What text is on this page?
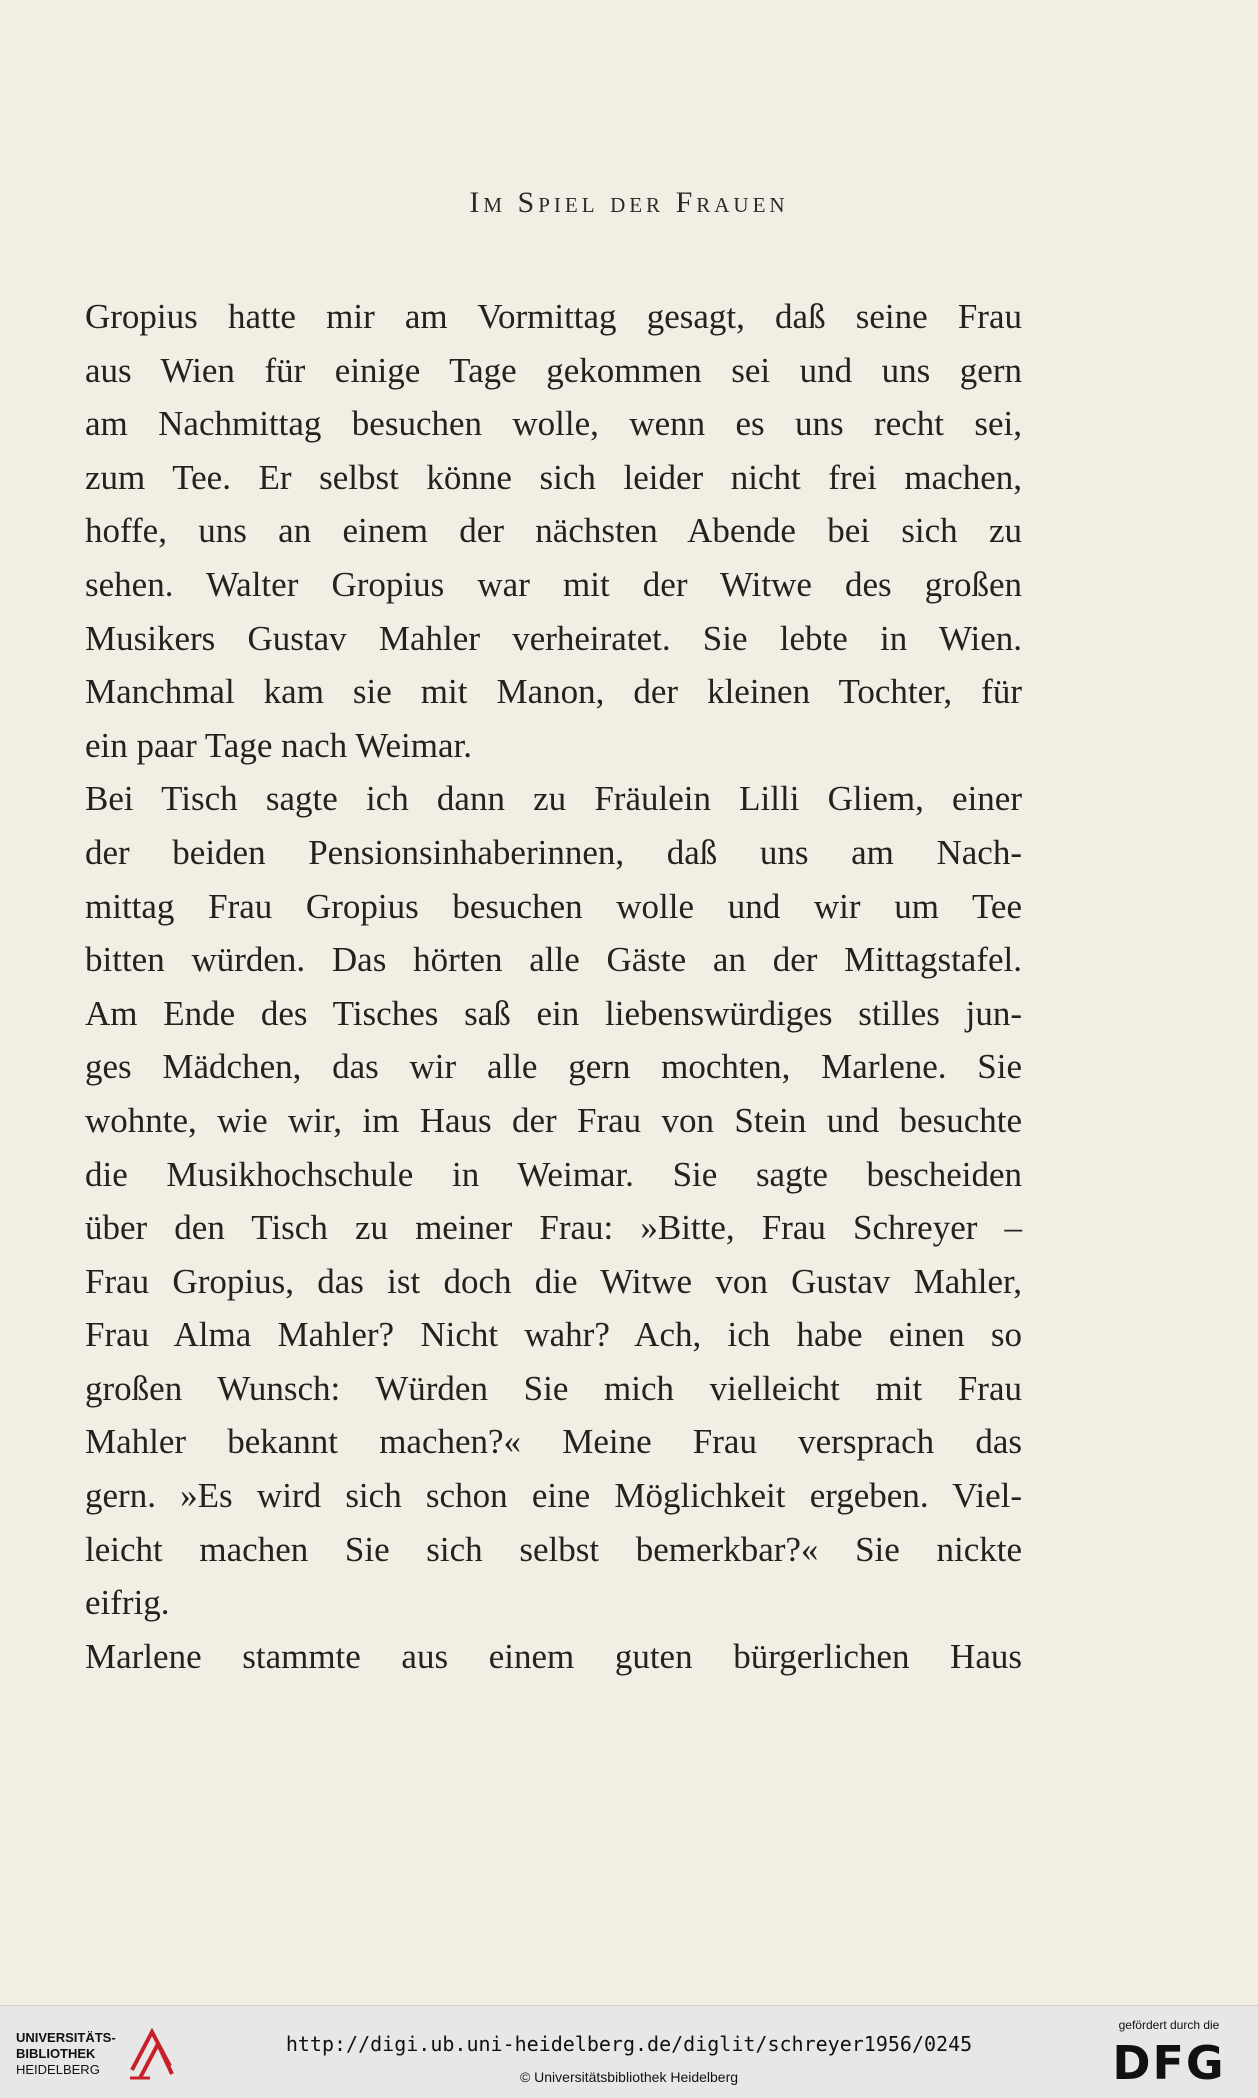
Im Spiel der Frauen
Gropius hatte mir am Vormittag gesagt, daß seine Frau
aus Wien für einige Tage gekommen sei und uns gern
am Nachmittag besuchen wolle, wenn es uns recht sei,
zum Tee. Er selbst könne sich leider nicht frei machen,
hoffe, uns an einem der nächsten Abende bei sich zu
sehen. Walter Gropius war mit der Witwe des großen
Musikers Gustav Mahler verheiratet. Sie lebte in Wien.
Manchmal kam sie mit Manon, der kleinen Tochter, für
ein paar Tage nach Weimar.
Bei Tisch sagte ich dann zu Fräulein Lilli Gliem, einer
der beiden Pensionsinhaberinnen, daß uns am Nach-
mittag Frau Gropius besuchen wolle und wir um Tee
bitten würden. Das hörten alle Gäste an der Mittagstafel.
Am Ende des Tisches saß ein liebenswürdiges stilles jun-
ges Mädchen, das wir alle gern mochten, Marlene. Sie
wohnte, wie wir, im Haus der Frau von Stein und besuchte
die Musikhochschule in Weimar. Sie sagte bescheiden
über den Tisch zu meiner Frau: »Bitte, Frau Schreyer –
Frau Gropius, das ist doch die Witwe von Gustav Mahler,
Frau Alma Mahler? Nicht wahr? Ach, ich habe einen so
großen Wunsch: Würden Sie mich vielleicht mit Frau
Mahler bekannt machen?« Meine Frau versprach das
gern. »Es wird sich schon eine Möglichkeit ergeben. Viel-
leicht machen Sie sich selbst bemerkbar?« Sie nickte
eifrig.
Marlene stammte aus einem guten bürgerlichen Haus
UNIVERSITÄTS-
BIBLIOTHEK
HEIDELBERG
http://digi.ub.uni-heidelberg.de/diglit/schreyer1956/0245
© Universitätsbibliothek Heidelberg
gefördert durch die
DFG
